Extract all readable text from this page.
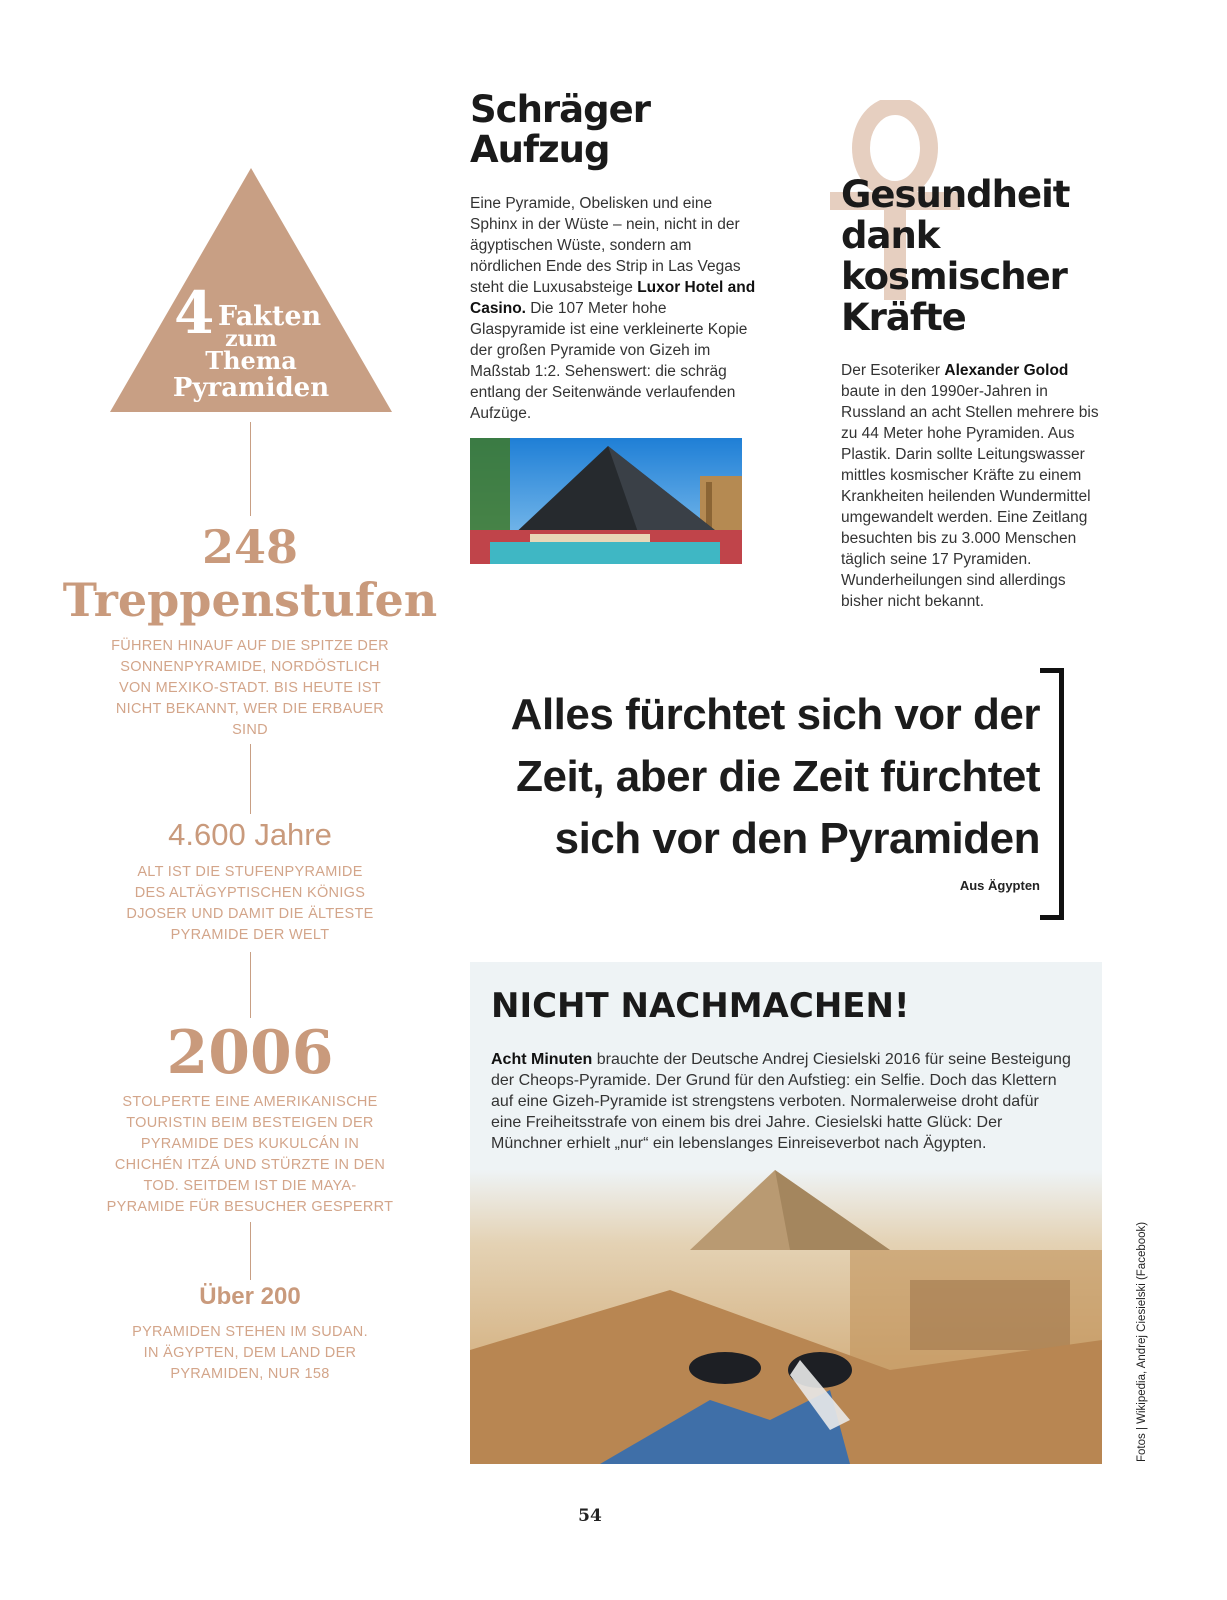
4 Fakten
zum
Thema
Pyramiden
248
Treppenstufen
FÜHREN HINAUF AUF DIE SPITZE DER SONNENPYRAMIDE, NORDÖSTLICH VON MEXIKO-STADT. BIS HEUTE IST NICHT BEKANNT, WER DIE ERBAUER SIND
4.600 Jahre
ALT IST DIE STUFENPYRAMIDE DES ALTÄGYPTISCHEN KÖNIGS DJOSER UND DAMIT DIE ÄLTESTE PYRAMIDE DER WELT
2006
STOLPERTE EINE AMERIKANISCHE TOURISTIN BEIM BESTEIGEN DER PYRAMIDE DES KUKULCÁN IN CHICHÉN ITZÁ UND STÜRZTE IN DEN TOD. SEITDEM IST DIE MAYA-PYRAMIDE FÜR BESUCHER GESPERRT
Über 200
PYRAMIDEN STEHEN IM SUDAN. IN ÄGYPTEN, DEM LAND DER PYRAMIDEN, NUR 158
Schräger
Aufzug
Eine Pyramide, Obelisken und eine Sphinx in der Wüste – nein, nicht in der ägyptischen Wüste, sondern am nördlichen Ende des Strip in Las Vegas steht die Luxusabsteige Luxor Hotel and Casino. Die 107 Meter hohe Glaspyramide ist eine verkleinerte Kopie der großen Pyramide von Gizeh im Maßstab 1:2. Sehenswert: die schräg entlang der Seitenwände verlaufenden Aufzüge.
Gesundheit
dank
kosmischer
Kräfte
Der Esoteriker Alexander Golod baute in den 1990er-Jahren in Russland an acht Stellen mehrere bis zu 44 Meter hohe Pyramiden. Aus Plastik. Darin sollte Leitungswasser mittles kosmischer Kräfte zu einem Krankheiten heilenden Wundermittel umgewandelt werden. Eine Zeitlang besuchten bis zu 3.000 Menschen täglich seine 17 Pyramiden. Wunderheilungen sind allerdings bisher nicht bekannt.
Alles fürchtet sich vor der
Zeit, aber die Zeit fürchtet
sich vor den Pyramiden
Aus Ägypten
NICHT NACHMACHEN!
Acht Minuten brauchte der Deutsche Andrej Ciesielski 2016 für seine Besteigung der Cheops-Pyramide. Der Grund für den Aufstieg: ein Selfie. Doch das Klettern auf eine Gizeh-Pyramide ist strengstens verboten. Normalerweise droht dafür eine Freiheitsstrafe von einem bis drei Jahre. Ciesielski hatte Glück: Der Münchner erhielt „nur“ ein lebenslanges Einreiseverbot nach Ägypten.
Fotos | Wikipedia, Andrej Ciesielski (Facebook)
54
